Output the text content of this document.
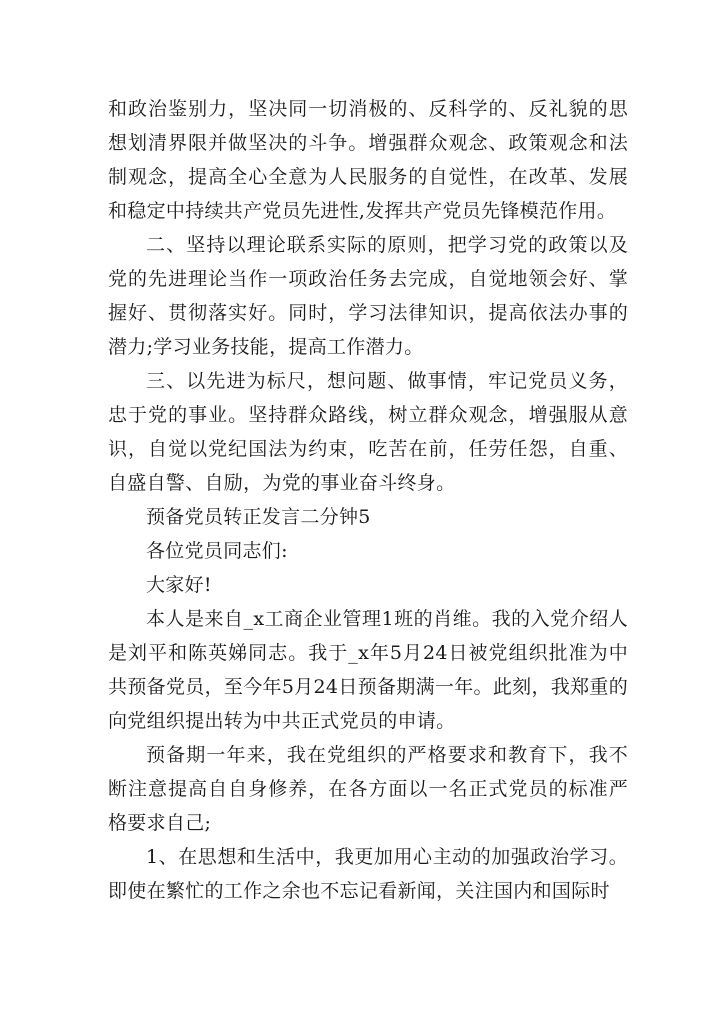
和政治鉴别力，坚决同一切消极的、反科学的、反礼貌的思想划清界限并做坚决的斗争。增强群众观念、政策观念和法制观念，提高全心全意为人民服务的自觉性，在改革、发展和稳定中持续共产党员先进性,发挥共产党员先锋模范作用。

二、坚持以理论联系实际的原则，把学习党的政策以及党的先进理论当作一项政治任务去完成，自觉地领会好、掌握好、贯彻落实好。同时，学习法律知识，提高依法办事的潜力;学习业务技能，提高工作潜力。

三、以先进为标尺，想问题、做事情，牢记党员义务，忠于党的事业。坚持群众路线，树立群众观念，增强服从意识，自觉以党纪国法为约束，吃苦在前，任劳任怨，自重、自盛自警、自励，为党的事业奋斗终身。

预备党员转正发言二分钟5

各位党员同志们:

大家好!

本人是来自_x工商企业管理1班的肖维。我的入党介绍人是刘平和陈英娣同志。我于_x年5月24日被党组织批准为中共预备党员，至今年5月24日预备期满一年。此刻，我郑重的向党组织提出转为中共正式党员的申请。

预备期一年来，我在党组织的严格要求和教育下，我不断注意提高自自身修养，在各方面以一名正式党员的标准严格要求自己;

1、在思想和生活中，我更加用心主动的加强政治学习。即使在繁忙的工作之余也不忘记看新闻，关注国内和国际时
